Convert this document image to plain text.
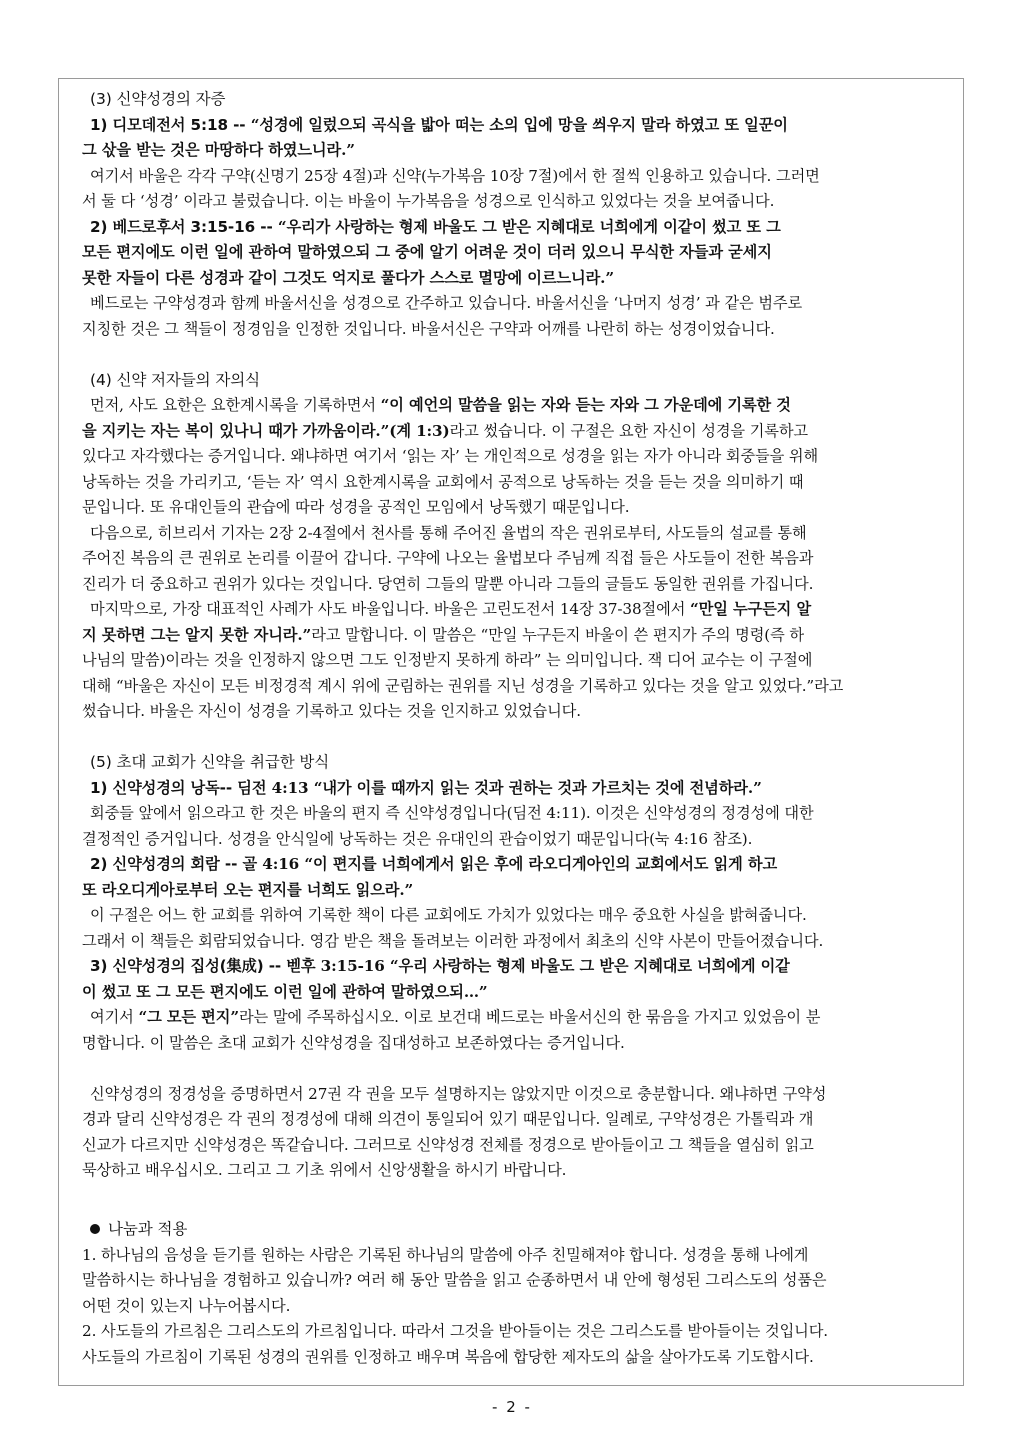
(3) 신약성경의 자증
1) 디모데전서 5:18 -- “성경에 일렀으되 곡식을 밟아 떠는 소의 입에 망을 씌우지 말라 하였고 또 일꾼이
그 삯을 받는 것은 마땅하다 하였느니라.”
여기서 바울은 각각 구약(신명기 25장 4절)과 신약(누가복음 10장 7절)에서 한 절씩 인용하고 있습니다. 그러면
서 둘 다 ‘성경’ 이라고 불렀습니다. 이는 바울이 누가복음을 성경으로 인식하고 있었다는 것을 보여줍니다.
2) 베드로후서 3:15-16 -- “우리가 사랑하는 형제 바울도 그 받은 지혜대로 너희에게 이같이 썼고 또 그
모든 편지에도 이런 일에 관하여 말하였으되 그 중에 알기 어려운 것이 더러 있으니 무식한 자들과 굳세지
못한 자들이 다른 성경과 같이 그것도 억지로 풀다가 스스로 멸망에 이르느니라.”
베드로는 구약성경과 함께 바울서신을 성경으로 간주하고 있습니다. 바울서신을 ‘나머지 성경’ 과 같은 범주로
지칭한 것은 그 책들이 정경임을 인정한 것입니다. 바울서신은 구약과 어깨를 나란히 하는 성경이었습니다.
(4) 신약 저자들의 자의식
먼저, 사도 요한은 요한계시록을 기록하면서 “이 예언의 말씀을 읽는 자와 듣는 자와 그 가운데에 기록한 것
을 지키는 자는 복이 있나니 때가 가까움이라.”(계 1:3)라고 썼습니다. 이 구절은 요한 자신이 성경을 기록하고
있다고 자각했다는 증거입니다. 왜냐하면 여기서 ‘읽는 자’ 는 개인적으로 성경을 읽는 자가 아니라 회중들을 위해
낭독하는 것을 가리키고, ‘듣는 자’ 역시 요한계시록을 교회에서 공적으로 낭독하는 것을 듣는 것을 의미하기 때
문입니다. 또 유대인들의 관습에 따라 성경을 공적인 모임에서 낭독했기 때문입니다.
다음으로, 히브리서 기자는 2장 2-4절에서 천사를 통해 주어진 율법의 작은 권위로부터, 사도들의 설교를 통해
주어진 복음의 큰 권위로 논리를 이끌어 갑니다. 구약에 나오는 율법보다 주님께 직접 들은 사도들이 전한 복음과
진리가 더 중요하고 권위가 있다는 것입니다. 당연히 그들의 말뿐 아니라 그들의 글들도 동일한 권위를 가집니다.
마지막으로, 가장 대표적인 사례가 사도 바울입니다. 바울은 고린도전서 14장 37-38절에서 “만일 누구든지 알
지 못하면 그는 알지 못한 자니라.”라고 말합니다. 이 말씀은 “만일 누구든지 바울이 쓴 편지가 주의 명령(즉 하
나님의 말씀)이라는 것을 인정하지 않으면 그도 인정받지 못하게 하라” 는 의미입니다. 잭 디어 교수는 이 구절에
대해 “바울은 자신이 모든 비정경적 계시 위에 군림하는 권위를 지닌 성경을 기록하고 있다는 것을 알고 있었다.”라고
썼습니다. 바울은 자신이 성경을 기록하고 있다는 것을 인지하고 있었습니다.
(5) 초대 교회가 신약을 취급한 방식
1) 신약성경의 낭독-- 딤전 4:13 “내가 이를 때까지 읽는 것과 권하는 것과 가르치는 것에 전념하라.”
회중들 앞에서 읽으라고 한 것은 바울의 편지 즉 신약성경입니다(딤전 4:11). 이것은 신약성경의 정경성에 대한
결정적인 증거입니다. 성경을 안식일에 낭독하는 것은 유대인의 관습이었기 때문입니다(눅 4:16 참조).
2) 신약성경의 회람 -- 골 4:16 “이 편지를 너희에게서 읽은 후에 라오디게아인의 교회에서도 읽게 하고
또 라오디게아로부터 오는 편지를 너희도 읽으라.”
이 구절은 어느 한 교회를 위하여 기록한 책이 다른 교회에도 가치가 있었다는 매우 중요한 사실을 밝혀줍니다.
그래서 이 책들은 회람되었습니다. 영감 받은 책을 돌려보는 이러한 과정에서 최초의 신약 사본이 만들어졌습니다.
3) 신약성경의 집성(集成) -- 벧후 3:15-16 “우리 사랑하는 형제 바울도 그 받은 지혜대로 너희에게 이같
이 썼고 또 그 모든 편지에도 이런 일에 관하여 말하였으되…”
여기서 “그 모든 편지”라는 말에 주목하십시오. 이로 보건대 베드로는 바울서신의 한 묶음을 가지고 있었음이 분
명합니다. 이 말씀은 초대 교회가 신약성경을 집대성하고 보존하였다는 증거입니다.
신약성경의 정경성을 증명하면서 27권 각 권을 모두 설명하지는 않았지만 이것으로 충분합니다. 왜냐하면 구약성
경과 달리 신약성경은 각 권의 정경성에 대해 의견이 통일되어 있기 때문입니다. 일례로, 구약성경은 가톨릭과 개
신교가 다르지만 신약성경은 똑같습니다. 그러므로 신약성경 전체를 정경으로 받아들이고 그 책들을 열심히 읽고
묵상하고 배우십시오. 그리고 그 기초 위에서 신앙생활을 하시기 바랍니다.
나눔과 적용
1. 하나님의 음성을 듣기를 원하는 사람은 기록된 하나님의 말씀에 아주 친밀해져야 합니다. 성경을 통해 나에게
말씀하시는 하나님을 경험하고 있습니까? 여러 해 동안 말씀을 읽고 순종하면서 내 안에 형성된 그리스도의 성품은
어떤 것이 있는지 나누어봅시다.
2. 사도들의 가르침은 그리스도의 가르침입니다. 따라서 그것을 받아들이는 것은 그리스도를 받아들이는 것입니다.
사도들의 가르침이 기록된 성경의 권위를 인정하고 배우며 복음에 합당한 제자도의 삶을 살아가도록 기도합시다.
- 2 -
